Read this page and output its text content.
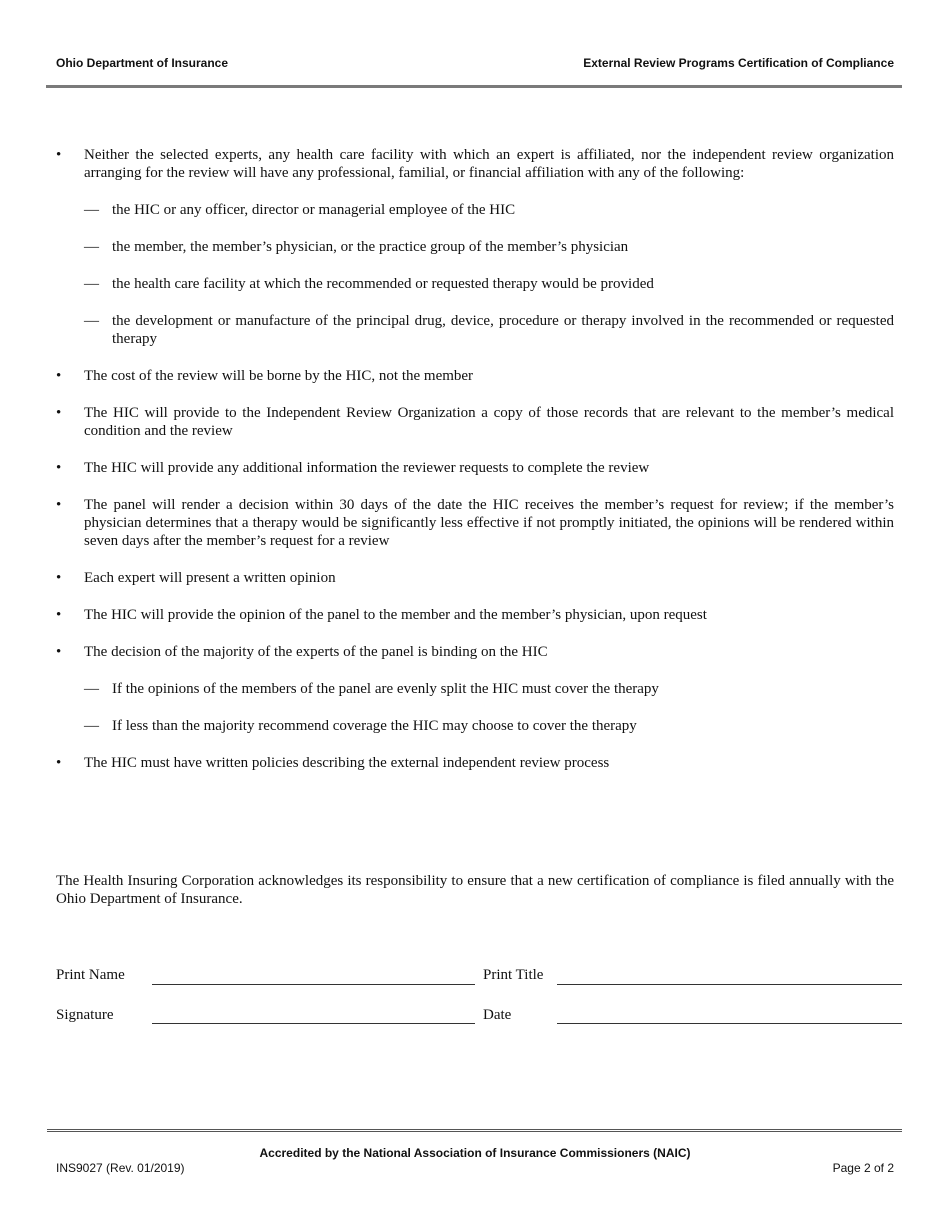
Ohio Department of Insurance	External Review Programs Certification of Compliance
• Neither the selected experts, any health care facility with which an expert is affiliated, nor the independent review organization arranging for the review will have any professional, familial, or financial affiliation with any of the following:
— the HIC or any officer, director or managerial employee of the HIC
— the member, the member’s physician, or the practice group of the member’s physician
— the health care facility at which the recommended or requested therapy would be provided
— the development or manufacture of the principal drug, device, procedure or therapy involved in the recommended or requested therapy
• The cost of the review will be borne by the HIC, not the member
• The HIC will provide to the Independent Review Organization a copy of those records that are relevant to the member’s medical condition and the review
• The HIC will provide any additional information the reviewer requests to complete the review
• The panel will render a decision within 30 days of the date the HIC receives the member’s request for review; if the member’s physician determines that a therapy would be significantly less effective if not promptly initiated, the opinions will be rendered within seven days after the member’s request for a review
• Each expert will present a written opinion
• The HIC will provide the opinion of the panel to the member and the member’s physician, upon request
• The decision of the majority of the experts of the panel is binding on the HIC
— If the opinions of the members of the panel are evenly split the HIC must cover the therapy
— If less than the majority recommend coverage the HIC may choose to cover the therapy
• The HIC must have written policies describing the external independent review process
The Health Insuring Corporation acknowledges its responsibility to ensure that a new certification of compliance is filed annually with the Ohio Department of Insurance.
Print Name	Print Title
Signature	Date
Accredited by the National Association of Insurance Commissioners (NAIC)
INS9027 (Rev. 01/2019)	Page 2 of 2
